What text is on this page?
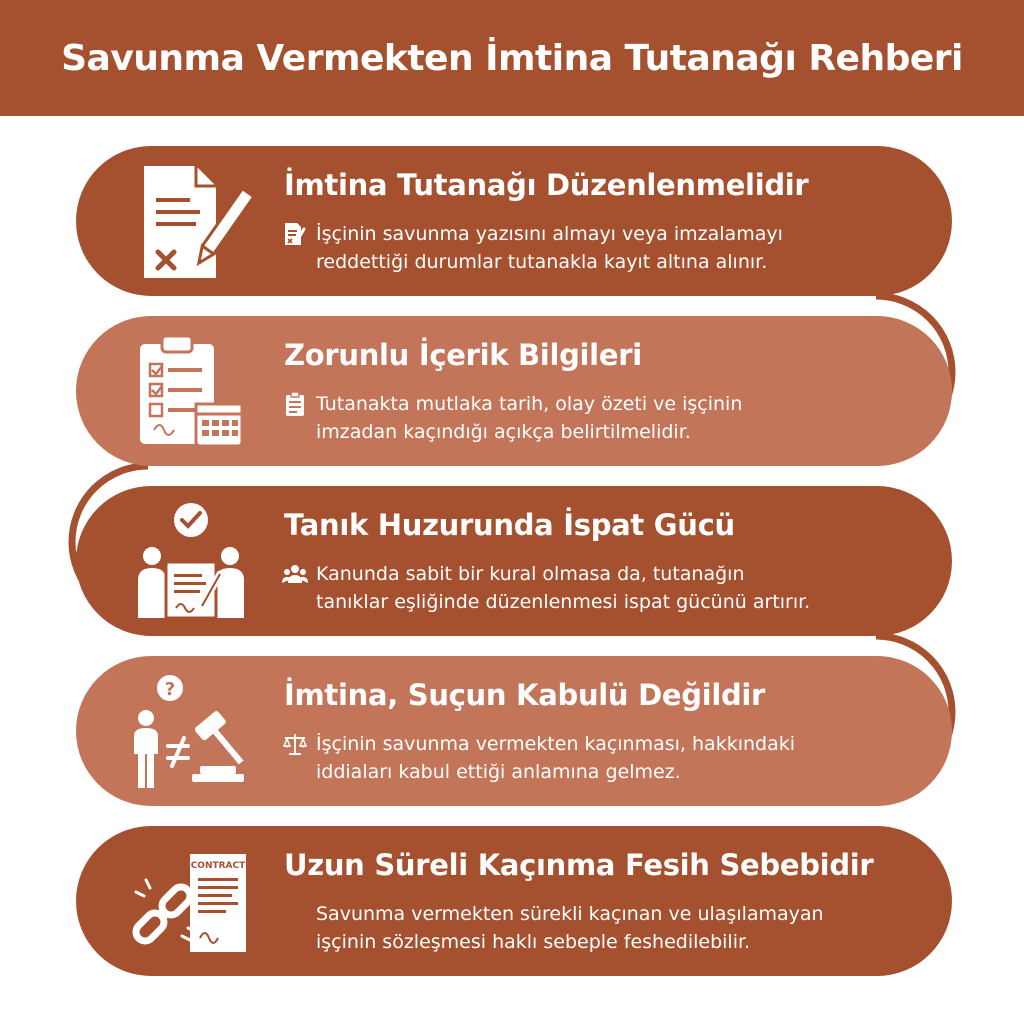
Savunma Vermekten İmtina Tutanağı Rehberi
İmtina Tutanağı Düzenlenmelidir

İşçinin savunma yazısını almayı veya imzalamayı
reddettiği durumlar tutanakla kayıt altına alınır.

Zorunlu İçerik Bilgileri

Tutanakta mutlaka tarih, olay özeti ve işçinin
imzadan kaçındığı açıkça belirtilmelidir.

Tanık Huzurunda İspat Gücü

Kanunda sabit bir kural olmasa da, tutanağın
tanıklar eşliğinde düzenlenmesi ispat gücünü artırır.

?	İmtina, Suçun Kabulü Değildir

İşçinin savunma vermekten kaçınması, hakkındaki
iddiaları kabul ettiği anlamına gelmez.

CONTRACT Uzun Süreli Kaçınma Fesih Sebebidir

Savunma vermekten sürekli kaçınan ve ulaşılamayan
işçinin sözleşmesi haklı sebeple feshedilebilir.
